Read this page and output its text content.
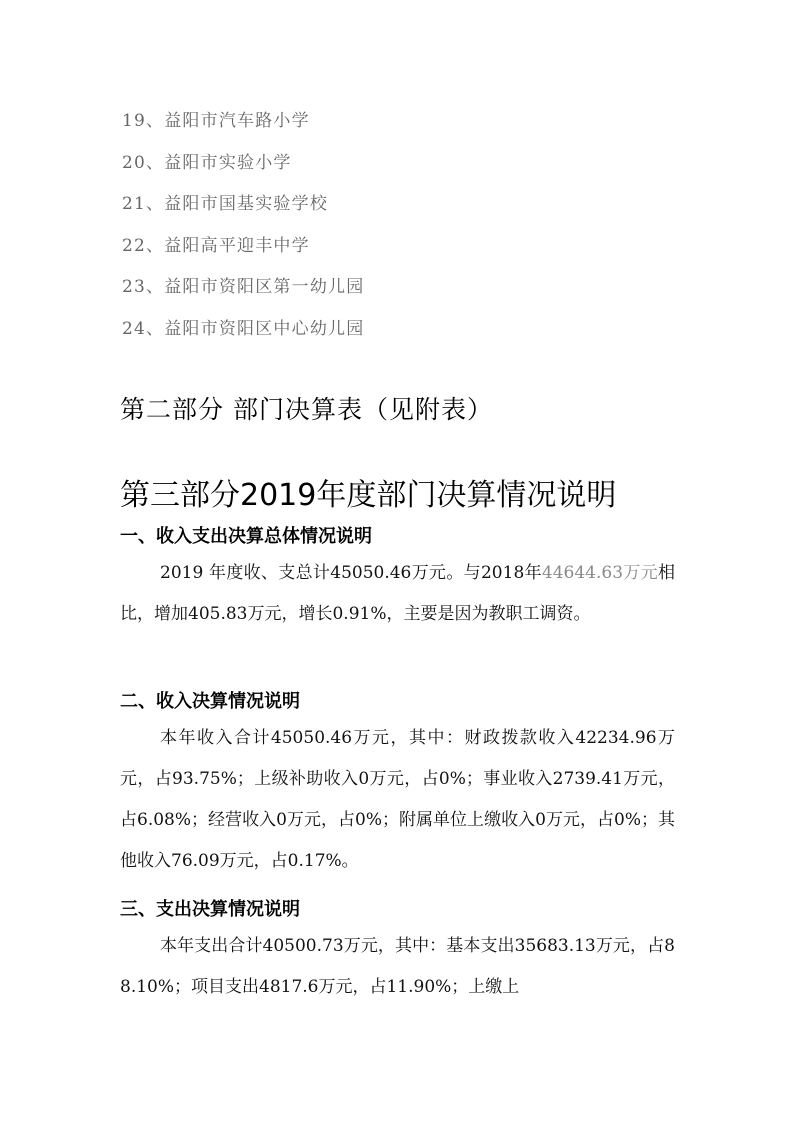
19、益阳市汽车路小学
20、益阳市实验小学
21、益阳市国基实验学校
22、益阳高平迎丰中学
23、益阳市资阳区第一幼儿园
24、益阳市资阳区中心幼儿园
第二部分 部门决算表（见附表）
第三部分2019年度部门决算情况说明
一、收入支出决算总体情况说明
2019 年度收、支总计45050.46万元。与2018年44644.63万元相比，增加405.83万元，增长0.91%，主要是因为教职工调资。
二、收入决算情况说明
本年收入合计45050.46万元，其中：财政拨款收入42234.96万元，占93.75%；上级补助收入0万元，占0%；事业收入2739.41万元，占6.08%；经营收入0万元，占0%；附属单位上缴收入0万元，占0%；其他收入76.09万元，占0.17%。
三、支出决算情况说明
本年支出合计40500.73万元，其中：基本支出35683.13万元，占88.10%；项目支出4817.6万元，占11.90%；上缴上
